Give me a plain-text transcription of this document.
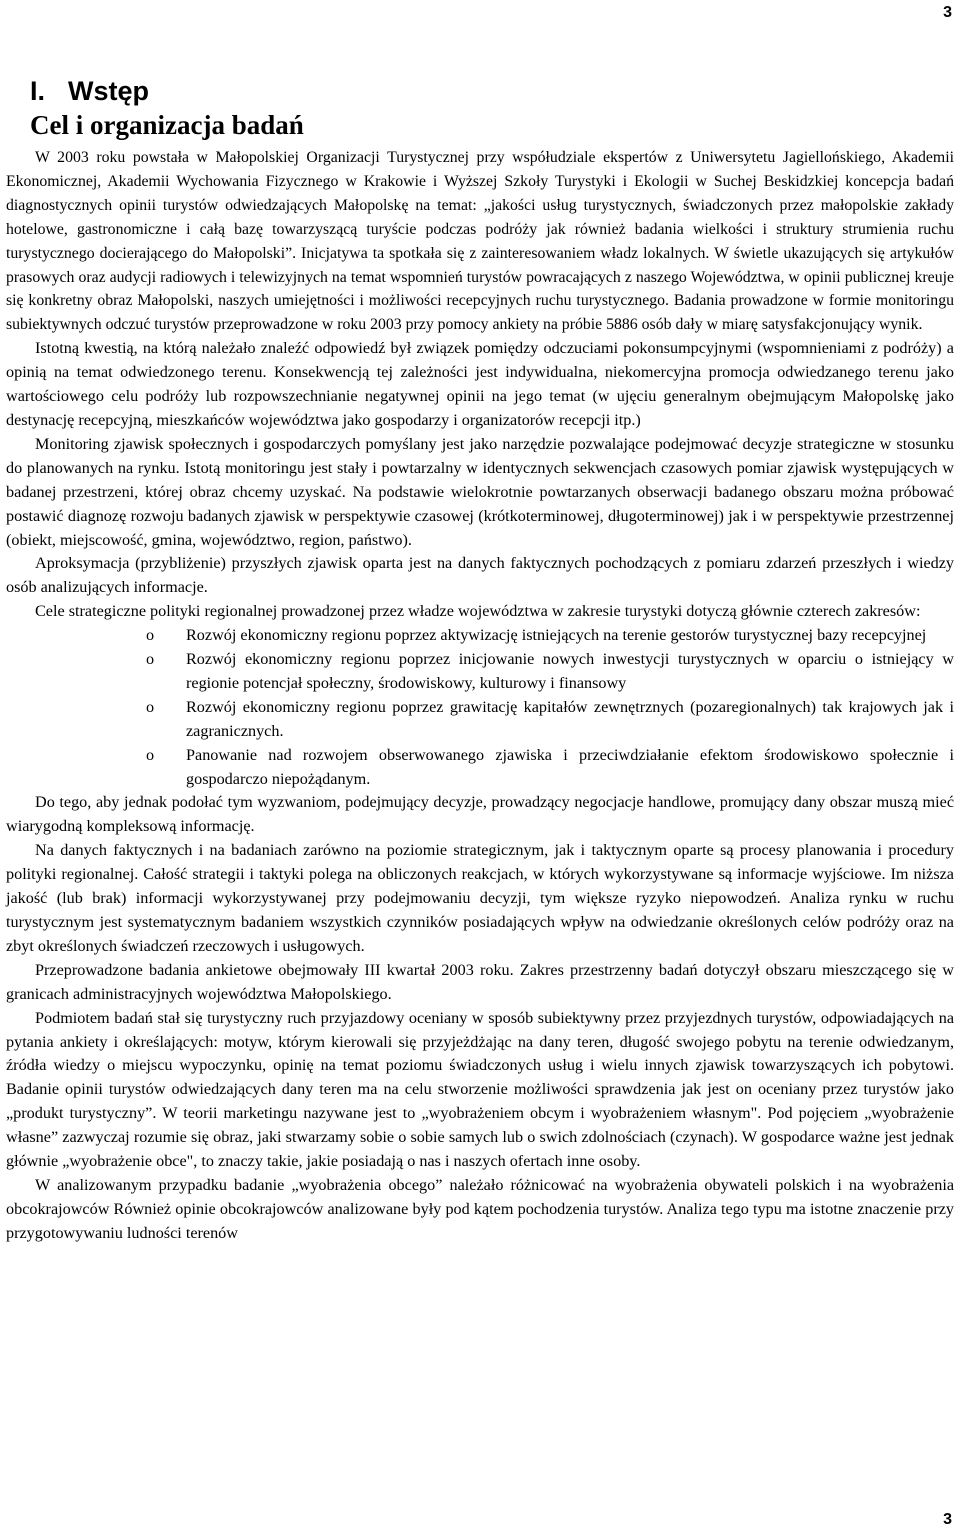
3
I. Wstęp
Cel i organizacja badań

W 2003 roku powstała w Małopolskiej Organizacji Turystycznej przy współudziale ekspertów z Uniwersytetu Jagiellońskiego, Akademii Ekonomicznej, Akademii Wychowania Fizycznego w Krakowie i Wyższej Szkoły Turystyki i Ekologii w Suchej Beskidzkiej koncepcja badań diagnostycznych opinii turystów odwiedzających Małopolskę na temat: „jakości usług turystycznych, świadczonych przez małopolskie zakłady hotelowe, gastronomiczne i całą bazę towarzyszącą turyście podczas podróży jak również badania wielkości i struktury strumienia ruchu turystycznego docierającego do Małopolski”. Inicjatywa ta spotkała się z zainteresowaniem władz lokalnych. W świetle ukazujących się artykułów prasowych oraz audycji radiowych i telewizyjnych na temat wspomnień turystów powracających z naszego Województwa, w opinii publicznej kreuje się konkretny obraz Małopolski, naszych umiejętności i możliwości recepcyjnych ruchu turystycznego. Badania prowadzone w formie monitoringu subiektywnych odczuć turystów przeprowadzone w roku 2003 przy pomocy ankiety na próbie 5886 osób dały w miarę satysfakcjonujący wynik.

Istotną kwestią, na którą należało znaleźć odpowiedź był związek pomiędzy odczuciami pokonsumpcyjnymi (wspomnieniami z podróży) a opinią na temat odwiedzonego terenu. Konsekwencją tej zależności jest indywidualna, niekomercyjna promocja odwiedzanego terenu jako wartościowego celu podróży lub rozpowszechnianie negatywnej opinii na jego temat (w ujęciu generalnym obejmującym Małopolskę jako destynację recepcyjną, mieszkańców województwa jako gospodarzy i organizatorów recepcji itp.)

Monitoring zjawisk społecznych i gospodarczych pomyślany jest jako narzędzie pozwalające podejmować decyzje strategiczne w stosunku do planowanych na rynku. Istotą monitoringu jest stały i powtarzalny w identycznych sekwencjach czasowych pomiar zjawisk występujących w badanej przestrzeni, której obraz chcemy uzyskać. Na podstawie wielokrotnie powtarzanych obserwacji badanego obszaru można próbować postawić diagnozę rozwoju badanych zjawisk w perspektywie czasowej (krótkoterminowej, długoterminowej) jak i w perspektywie przestrzennej (obiekt, miejscowość, gmina, województwo, region, państwo).

Aproksymacja (przybliżenie) przyszłych zjawisk oparta jest na danych faktycznych pochodzących z pomiaru zdarzeń przeszłych i wiedzy osób analizujących informacje.

Cele strategiczne polityki regionalnej prowadzonej przez władze województwa w zakresie turystyki dotyczą głównie czterech zakresów:

o Rozwój ekonomiczny regionu poprzez aktywizację istniejących na terenie gestorów turystycznej bazy recepcyjnej
o Rozwój ekonomiczny regionu poprzez inicjowanie nowych inwestycji turystycznych w oparciu o istniejący w regionie potencjał społeczny, środowiskowy, kulturowy i finansowy
o Rozwój ekonomiczny regionu poprzez grawitację kapitałów zewnętrznych (pozaregionalnych) tak krajowych jak i zagranicznych.
o Panowanie nad rozwojem obserwowanego zjawiska i przeciwdziałanie efektom środowiskowo społecznie i gospodarczo niepożądanym.

Do tego, aby jednak podołać tym wyzwaniom, podejmujący decyzje, prowadzący negocjacje handlowe, promujący dany obszar muszą mieć wiarygodną kompleksową informację.

Na danych faktycznych i na badaniach zarówno na poziomie strategicznym, jak i taktycznym oparte są procesy planowania i procedury polityki regionalnej. Całość strategii i taktyki polega na obliczonych reakcjach, w których wykorzystywane są informacje wyjściowe. Im niższa jakość (lub brak) informacji wykorzystywanej przy podejmowaniu decyzji, tym większe ryzyko niepowodzeń. Analiza rynku w ruchu turystycznym jest systematycznym badaniem wszystkich czynników posiadających wpływ na odwiedzanie określonych celów podróży oraz na zbyt określonych świadczeń rzeczowych i usługowych.

Przeprowadzone badania ankietowe obejmowały III kwartał 2003 roku. Zakres przestrzenny badań dotyczył obszaru mieszczącego się w granicach administracyjnych województwa Małopolskiego.

Podmiotem badań stał się turystyczny ruch przyjazdowy oceniany w sposób subiektywny przez przyjezdnych turystów, odpowiadających na pytania ankiety i określających: motyw, którym kierowali się przyjeżdżając na dany teren, długość swojego pobytu na terenie odwiedzanym, źródła wiedzy o miejscu wypoczynku, opinię na temat poziomu świadczonych usług i wielu innych zjawisk towarzyszących ich pobytowi. Badanie opinii turystów odwiedzających dany teren ma na celu stworzenie możliwości sprawdzenia jak jest on oceniany przez turystów jako „produkt turystyczny”. W teorii marketingu nazywane jest to „wyobrażeniem obcym i wyobrażeniem własnym". Pod pojęciem „wyobrażenie własne” zazwyczaj rozumie się obraz, jaki stwarzamy sobie o sobie samych lub o swich zdolnościach (czynach). W gospodarce ważne jest jednak głównie „wyobrażenie obce", to znaczy takie, jakie posiadają o nas i naszych ofertach inne osoby.

W analizowanym przypadku badanie „wyobrażenia obcego” należało różnicować na wyobrażenia obywateli polskich i na wyobrażenia obcokrajowców Również opinie obcokrajowców analizowane były pod kątem pochodzenia turystów. Analiza tego typu ma istotne znaczenie przy przygotowywaniu ludności terenów

3
